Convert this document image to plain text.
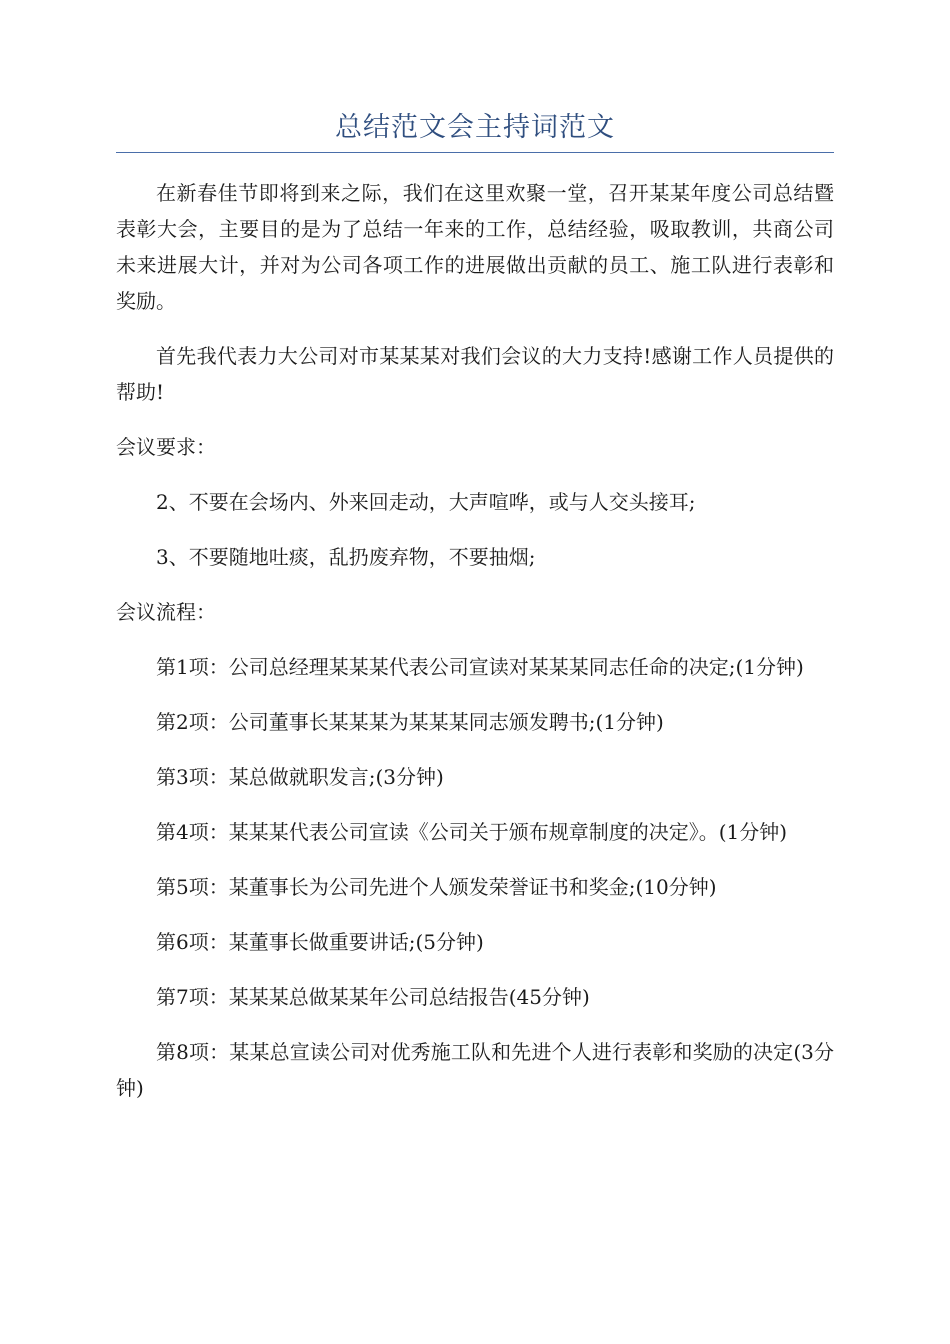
总结范文会主持词范文

在新春佳节即将到来之际，我们在这里欢聚一堂，召开某某年度公司总结暨表彰大会，主要目的是为了总结一年来的工作，总结经验，吸取教训，共商公司未来进展大计，并对为公司各项工作的进展做出贡献的员工、施工队进行表彰和奖励。

首先我代表力大公司对市某某某对我们会议的大力支持!感谢工作人员提供的帮助!

会议要求：

2、不要在会场内、外来回走动，大声喧哗，或与人交头接耳;

3、不要随地吐痰，乱扔废弃物，不要抽烟;

会议流程：

第1项：公司总经理某某某代表公司宣读对某某某同志任命的决定;(1分钟)

第2项：公司董事长某某某为某某某同志颁发聘书;(1分钟)

第3项：某总做就职发言;(3分钟)

第4项：某某某代表公司宣读《公司关于颁布规章制度的决定》。(1分钟)

第5项：某董事长为公司先进个人颁发荣誉证书和奖金;(10分钟)

第6项：某董事长做重要讲话;(5分钟)

第7项：某某某总做某某年公司总结报告(45分钟)

第8项：某某总宣读公司对优秀施工队和先进个人进行表彰和奖励的决定(3分钟)
